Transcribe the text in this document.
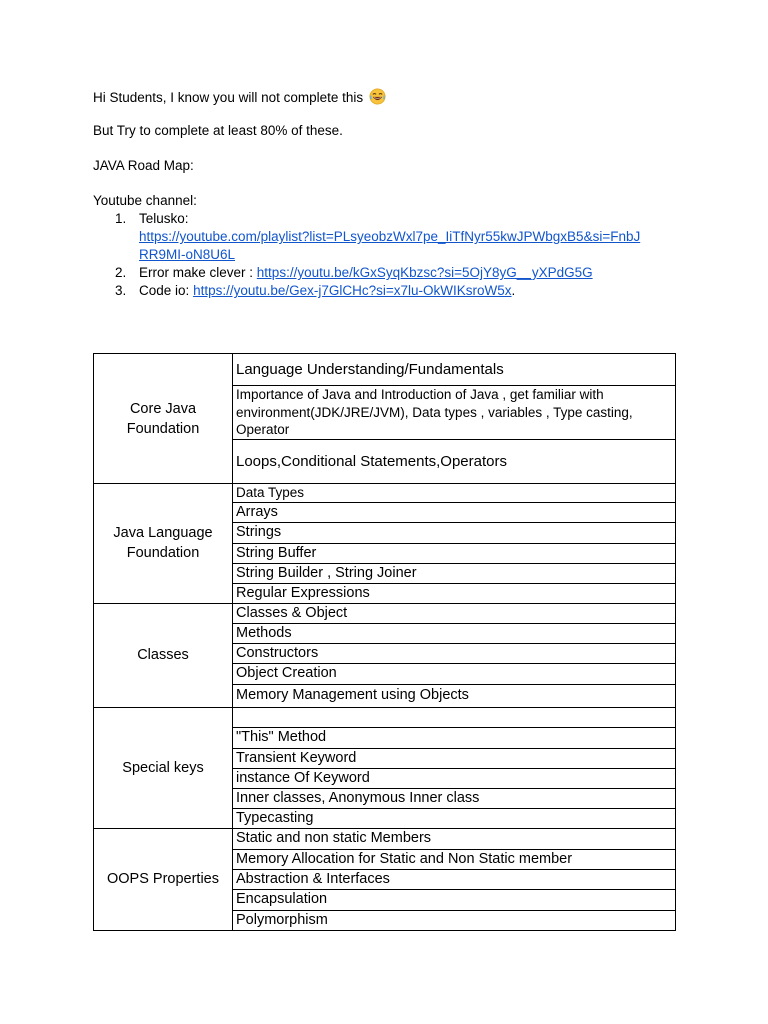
Hi Students, I know you will not complete this
But Try to complete at least 80% of these.
JAVA Road Map:
Youtube channel:
1. Telusko:
https://youtube.com/playlist?list=PLsyeobzWxl7pe_IiTfNyr55kwJPWbgxB5&si=FnbJ
RR9MI-oN8U6L
2. Error make clever : https://youtu.be/kGxSyqKbzsc?si=5OjY8yG__yXPdG5G
3. Code io: https://youtu.be/Gex-j7GlCHc?si=x7lu-OkWIKsroW5x.
Core Java
Foundation	Language Understanding/Fundamentals
	Importance of Java and Introduction of Java , get familiar with environment(JDK/JRE/JVM), Data types , variables , Type casting, Operator
	Loops,Conditional Statements,Operators
Java Language
Foundation	Data Types
	Arrays
	Strings
	String Buffer
	String Builder , String Joiner
	Regular Expressions
Classes	Classes & Object
	Methods
	Constructors
	Object Creation
	Memory Management using Objects
Special keys	
	"This" Method
	Transient Keyword
	instance Of Keyword
	Inner classes, Anonymous Inner class
	Typecasting
OOPS Properties	Static and non static Members
	Memory Allocation for Static and Non Static member
	Abstraction & Interfaces
	Encapsulation
	Polymorphism
